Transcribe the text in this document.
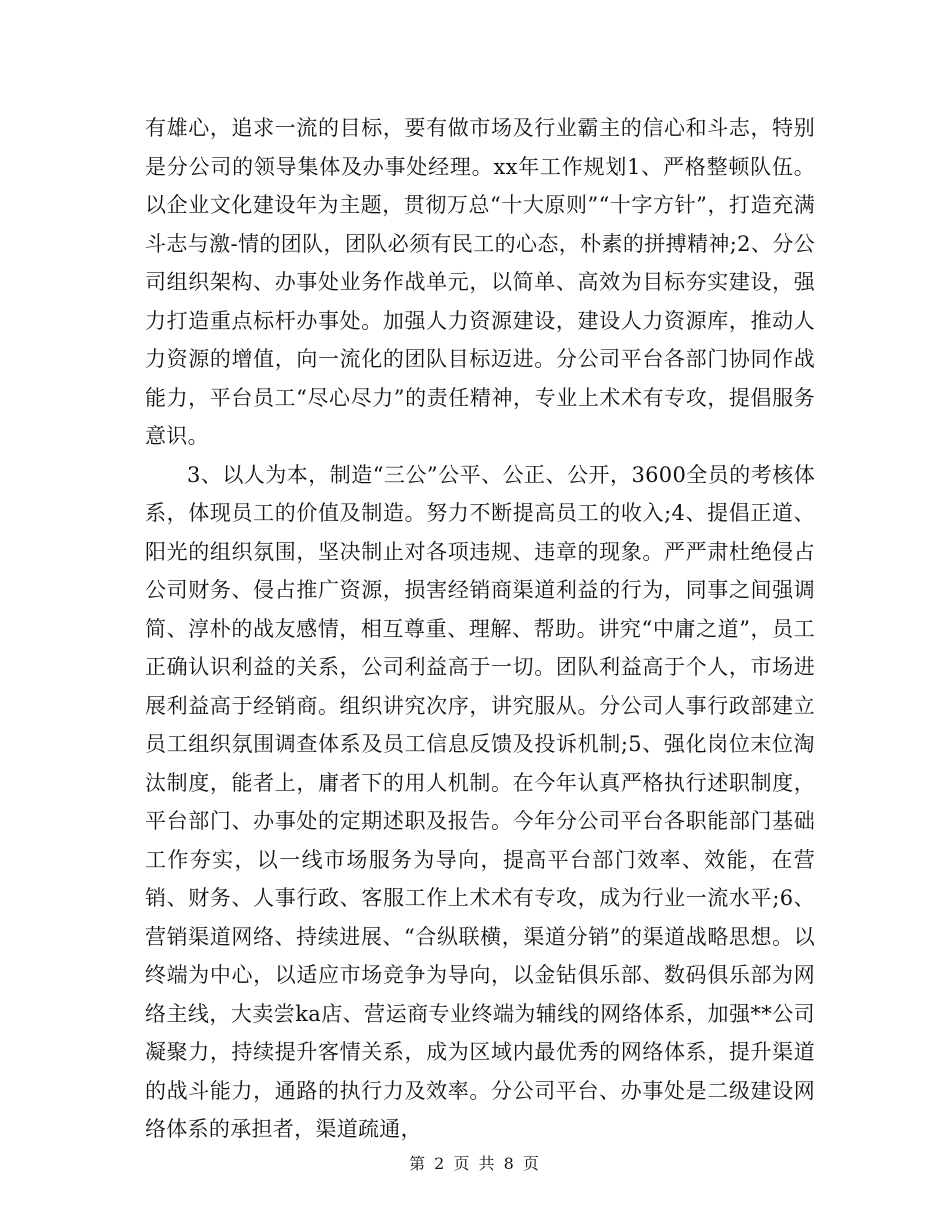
有雄心，追求一流的目标，要有做市场及行业霸主的信心和斗志，特别是分公司的领导集体及办事处经理。xx年工作规划1、严格整顿队伍。以企业文化建设年为主题，贯彻万总“十大原则”“十字方针”，打造充满斗志与激-情的团队，团队必须有民工的心态，朴素的拼搏精神;2、分公司组织架构、办事处业务作战单元，以简单、高效为目标夯实建设，强力打造重点标杆办事处。加强人力资源建设，建设人力资源库，推动人力资源的增值，向一流化的团队目标迈进。分公司平台各部门协同作战能力，平台员工“尽心尽力”的责任精神，专业上术术有专攻，提倡服务意识。

3、以人为本，制造“三公”公平、公正、公开，3600全员的考核体系，体现员工的价值及制造。努力不断提高员工的收入;4、提倡正道、阳光的组织氛围，坚决制止对各项违规、违章的现象。严严肃杜绝侵占公司财务、侵占推广资源，损害经销商渠道利益的行为，同事之间强调简、淳朴的战友感情，相互尊重、理解、帮助。讲究“中庸之道”，员工正确认识利益的关系，公司利益高于一切。团队利益高于个人，市场进展利益高于经销商。组织讲究次序，讲究服从。分公司人事行政部建立员工组织氛围调查体系及员工信息反馈及投诉机制;5、强化岗位末位淘汰制度，能者上，庸者下的用人机制。在今年认真严格执行述职制度，平台部门、办事处的定期述职及报告。今年分公司平台各职能部门基础工作夯实，以一线市场服务为导向，提高平台部门效率、效能，在营销、财务、人事行政、客服工作上术术有专攻，成为行业一流水平;6、营销渠道网络、持续进展、“合纵联横，渠道分销”的渠道战略思想。以终端为中心，以适应市场竞争为导向，以金钻俱乐部、数码俱乐部为网络主线，大卖尝ka店、营运商专业终端为辅线的网络体系，加强**公司凝聚力，持续提升客情关系，成为区域内最优秀的网络体系，提升渠道的战斗能力，通路的执行力及效率。分公司平台、办事处是二级建设网络体系的承担者，渠道疏通，

第 2 页 共 8 页
